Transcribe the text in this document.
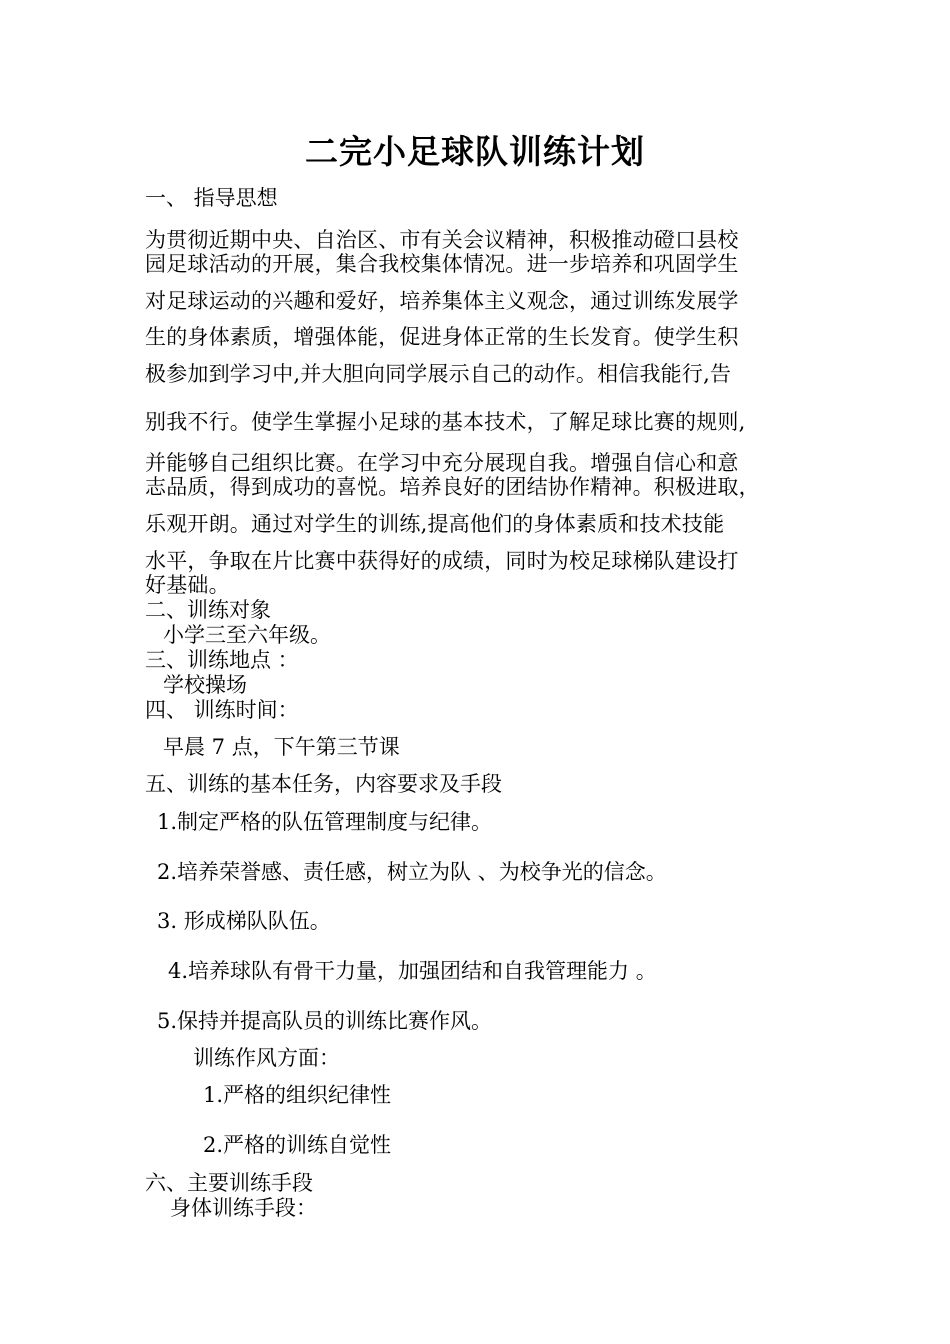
二完小足球队训练计划
一、 指导思想
为贯彻近期中央、自治区、市有关会议精神，积极推动磴口县校
园足球活动的开展，集合我校集体情况。进一步培养和巩固学生
对足球运动的兴趣和爱好，培养集体主义观念，通过训练发展学
生的身体素质，增强体能，促进身体正常的生长发育。使学生积
极参加到学习中,并大胆向同学展示自己的动作。相信我能行,告
别我不行。使学生掌握小足球的基本技术，了解足球比赛的规则,
并能够自己组织比赛。在学习中充分展现自我。增强自信心和意
志品质，得到成功的喜悦。培养良好的团结协作精神。积极进取，
乐观开朗。通过对学生的训练,提高他们的身体素质和技术技能
水平，争取在片比赛中获得好的成绩，同时为校足球梯队建设打
好基础。
二、训练对象
小学三至六年级。
三、训练地点 ：
学校操场
四、 训练时间：
早晨 7 点，下午第三节课
五、训练的基本任务，内容要求及手段
1.制定严格的队伍管理制度与纪律。
2.培养荣誉感、责任感，树立为队 、为校争光的信念。
3. 形成梯队队伍。
4.培养球队有骨干力量，加强团结和自我管理能力 。
5.保持并提高队员的训练比赛作风。
训练作风方面：
1.严格的组织纪律性
2.严格的训练自觉性
六、主要训练手段
身体训练手段：
